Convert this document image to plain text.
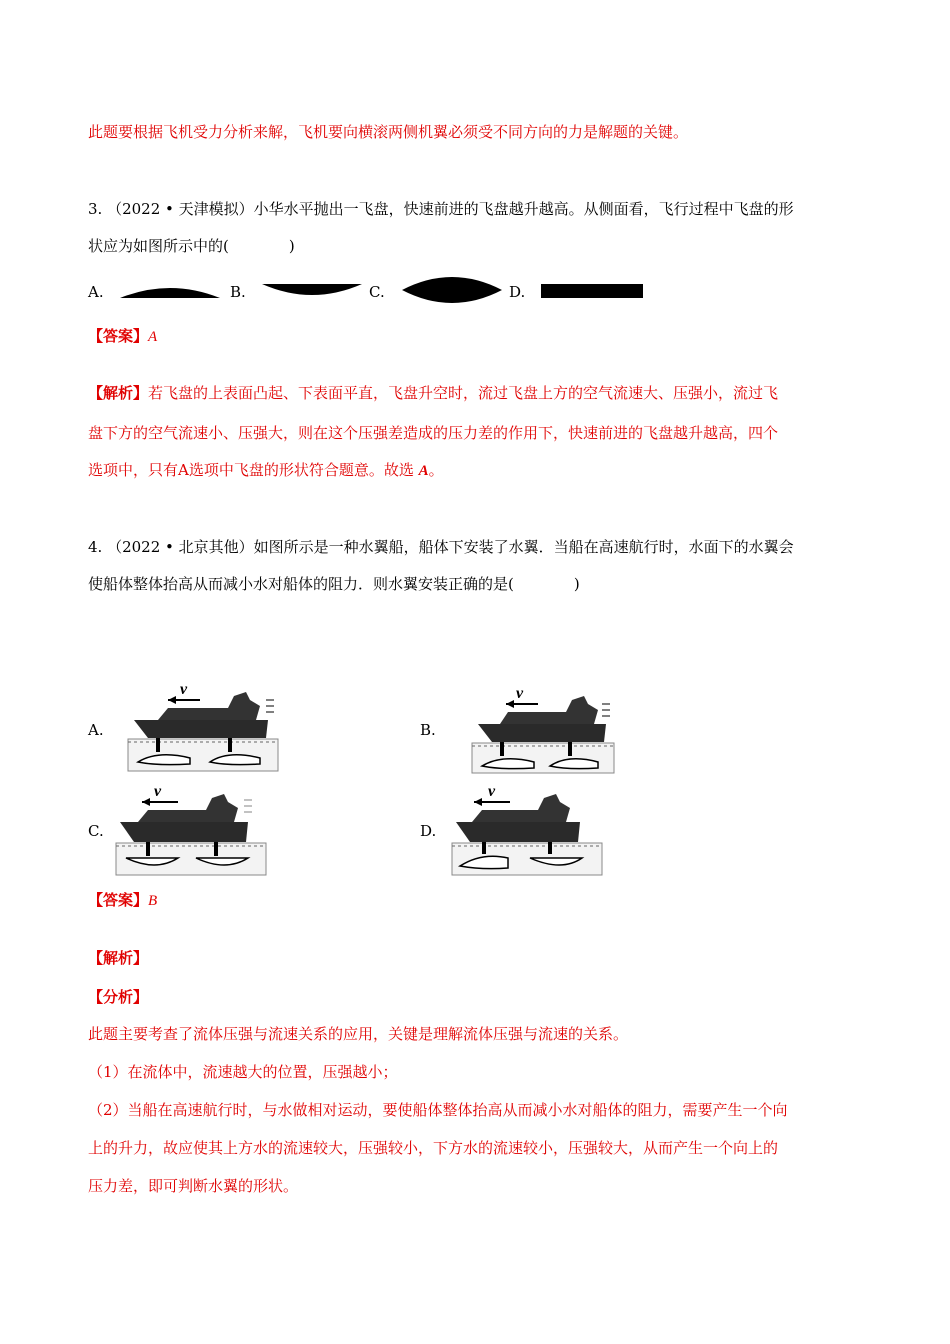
此题要根据飞机受力分析来解，飞机要向横滚两侧机翼必须受不同方向的力是解题的关键。
3. （2022 • 天津模拟）小华水平抛出一飞盘，快速前进的飞盘越升越高。从侧面看，飞行过程中飞盘的形
状应为如图所示中的(　　　　)
A.	B.	C.	D.
【答案】A
【解析】若飞盘的上表面凸起、下表面平直，飞盘升空时，流过飞盘上方的空气流速大、压强小，流过飞
盘下方的空气流速小、压强大，则在这个压强差造成的压力差的作用下，快速前进的飞盘越升越高，四个
选项中，只有A选项中飞盘的形状符合题意。故选 A。
4. （2022 • 北京其他）如图所示是一种水翼船，船体下安装了水翼．当船在高速航行时，水面下的水翼会
使船体整体抬高从而减小水对船体的阻力．则水翼安装正确的是(　　　　)
A.	B.
C.	D.
v	v
v	v
【答案】B
【解析】
【分析】
此题主要考查了流体压强与流速关系的应用，关键是理解流体压强与流速的关系。
（1）在流体中，流速越大的位置，压强越小；
（2）当船在高速航行时，与水做相对运动，要使船体整体抬高从而减小水对船体的阻力，需要产生一个向
上的升力，故应使其上方水的流速较大，压强较小，下方水的流速较小，压强较大，从而产生一个向上的
压力差，即可判断水翼的形状。
